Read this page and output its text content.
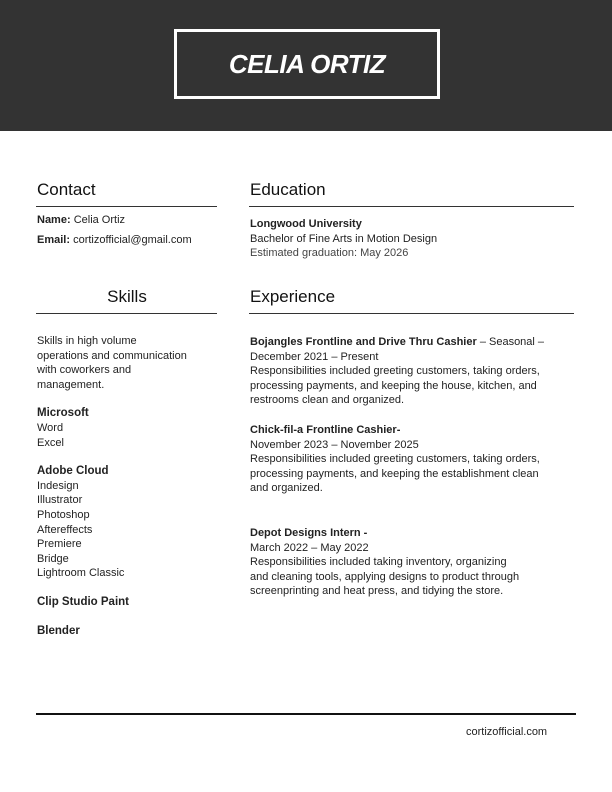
CELIA ORTIZ
Contact
Name: Celia Ortiz
Email: cortizofficial@gmail.com
Education
Longwood University
Bachelor of Fine Arts in Motion Design
Estimated graduation: May 2026
Skills
Skills in high volume
operations and communication
with coworkers and
management.
Microsoft
Word
Excel
Adobe Cloud
Indesign
Illustrator
Photoshop
Aftereffects
Premiere
Bridge
Lightroom Classic
Clip Studio Paint
Blender
Experience
Bojangles Frontline and Drive Thru Cashier – Seasonal –
December 2021 – Present
Responsibilities included greeting customers, taking orders,
processing payments, and keeping the house, kitchen, and
restrooms clean and organized.
Chick-fil-a Frontline Cashier-
November 2023 – November 2025
Responsibilities included greeting customers, taking orders,
processing payments, and keeping the establishment clean
and organized.
Depot Designs Intern -
March 2022 – May 2022
Responsibilities included taking inventory, organizing
and cleaning tools, applying designs to product through
screenprinting and heat press, and tidying the store.
cortizofficial.com
